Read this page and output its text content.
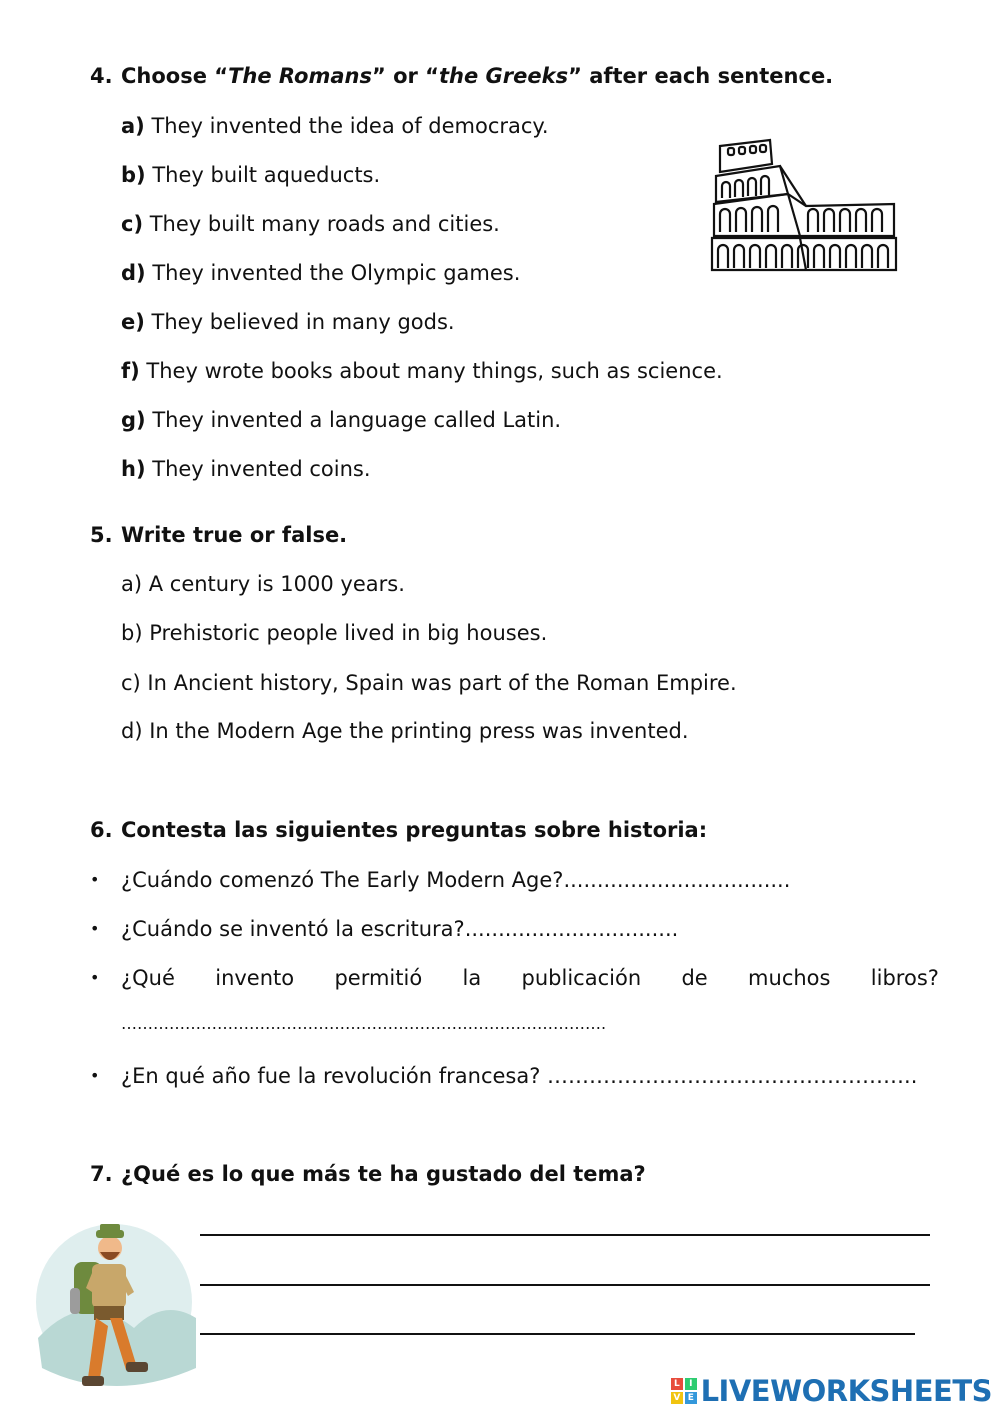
4. Choose “The Romans” or “the Greeks” after each sentence.
a) They invented the idea of democracy.
b) They built aqueducts.
c) They built many roads and cities.
d) They invented the Olympic games.
e) They believed in many gods.
f) They wrote books about many things, such as science.
g) They invented a language called Latin.
h) They invented coins.
5. Write true or false.
a) A century is 1000 years.
b) Prehistoric people lived in big houses.
c) In Ancient history, Spain was part of the Roman Empire.
d) In the Modern Age the printing press was invented.
6. Contesta las siguientes preguntas sobre historia:
• ¿Cuándo comenzó The Early Modern Age?..................................
• ¿Cuándo se inventó la escritura?................................
•	¿Qué invento permitió la publicación de muchos libros?
……………………………………………………………………………….
• ¿En qué año fue la revolución francesa? ……………………………………………..
7. ¿Qué es lo que más te ha gustado del tema?
L	I
V E LIVEWORKSHEETS
